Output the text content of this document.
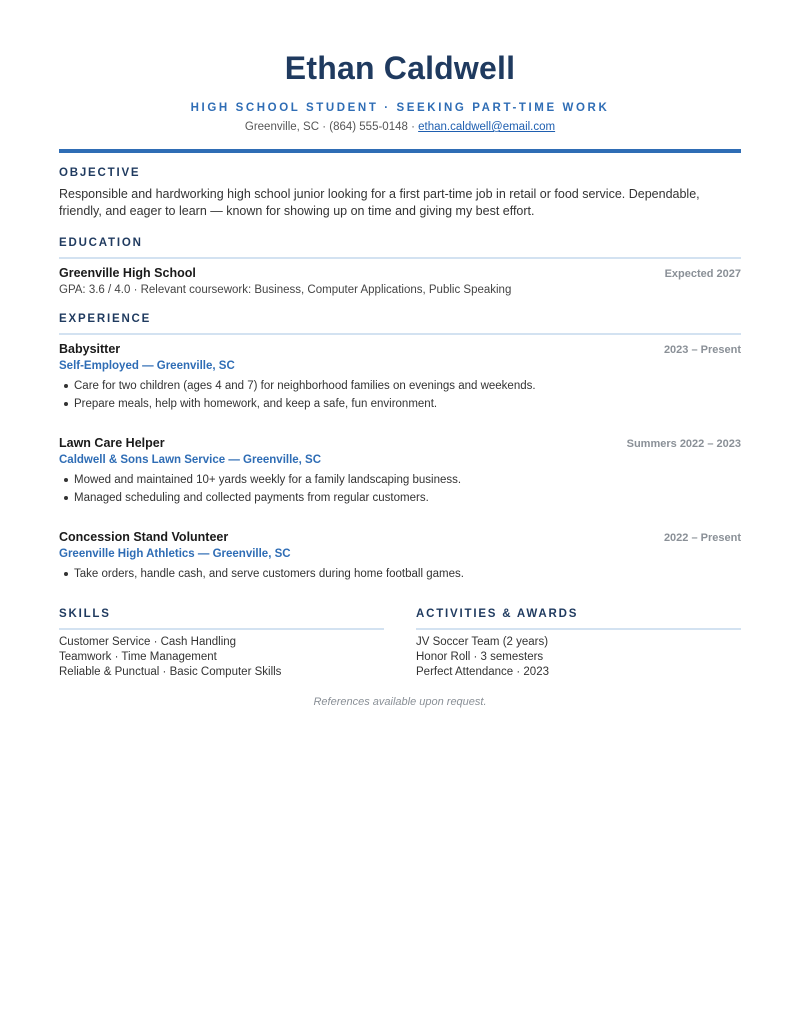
Ethan Caldwell
HIGH SCHOOL STUDENT · SEEKING PART-TIME WORK
Greenville, SC · (864) 555-0148 · ethan.caldwell@email.com
OBJECTIVE
Responsible and hardworking high school junior looking for a first part-time job in retail or food service. Dependable, friendly, and eager to learn — known for showing up on time and giving my best effort.
EDUCATION
Greenville High School	Expected 2027
GPA: 3.6 / 4.0 · Relevant coursework: Business, Computer Applications, Public Speaking
EXPERIENCE
Babysitter	2023 – Present
Self-Employed — Greenville, SC
Care for two children (ages 4 and 7) for neighborhood families on evenings and weekends.
Prepare meals, help with homework, and keep a safe, fun environment.
Lawn Care Helper	Summers 2022 – 2023
Caldwell & Sons Lawn Service — Greenville, SC
Mowed and maintained 10+ yards weekly for a family landscaping business.
Managed scheduling and collected payments from regular customers.
Concession Stand Volunteer	2022 – Present
Greenville High Athletics — Greenville, SC
Take orders, handle cash, and serve customers during home football games.
SKILLS
Customer Service · Cash Handling
Teamwork · Time Management
Reliable & Punctual · Basic Computer Skills
ACTIVITIES & AWARDS
JV Soccer Team (2 years)
Honor Roll · 3 semesters
Perfect Attendance · 2023
References available upon request.
